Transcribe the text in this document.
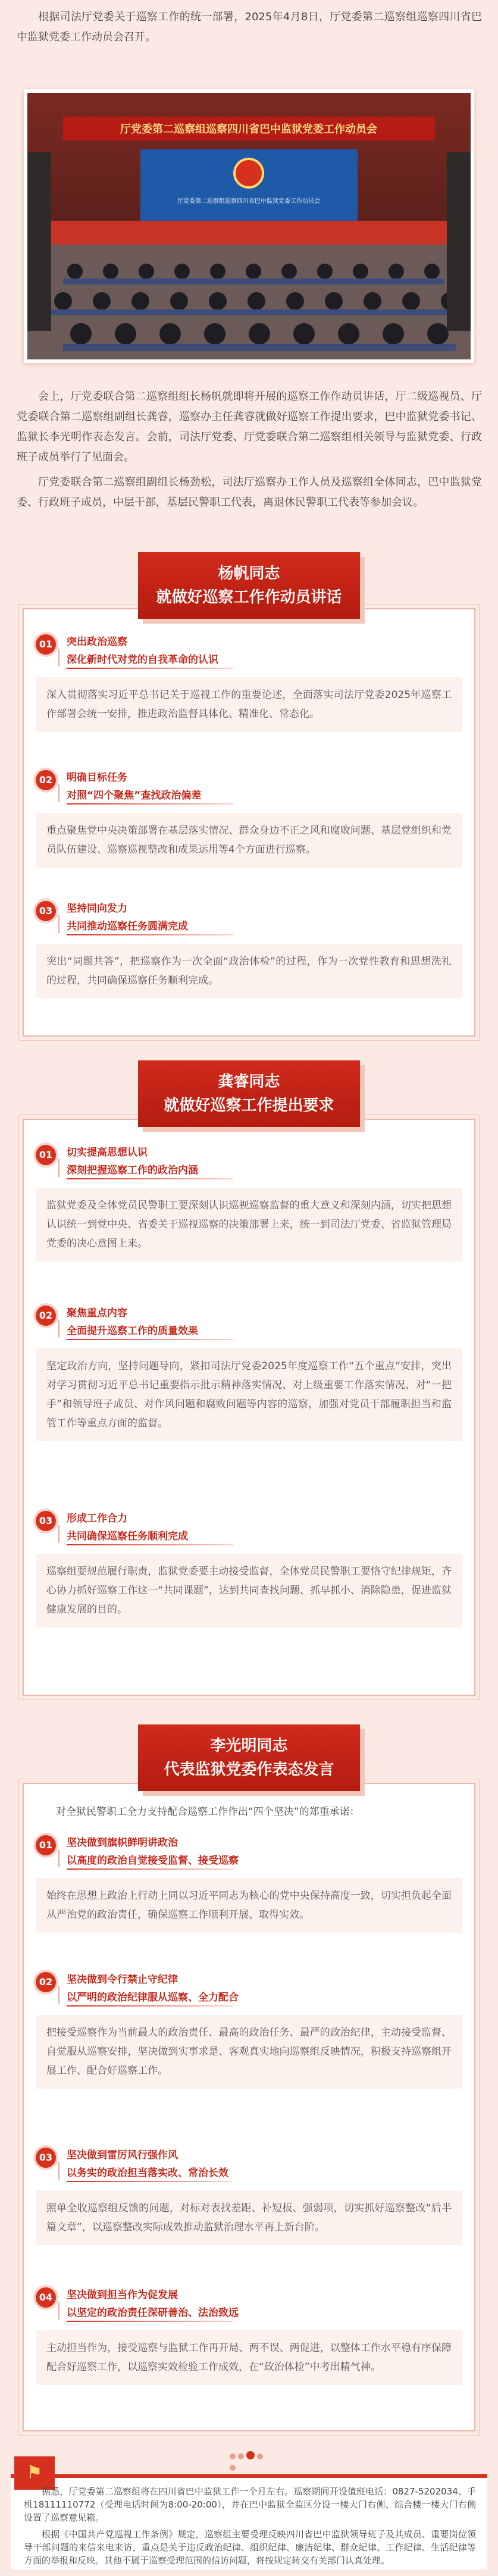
根据司法厅党委关于巡察工作的统一部署，2025年4月8日，厅党委第二巡察组巡察四川省巴中监狱党委工作动员会召开。

厅党委第二巡察组巡察四川省巴中监狱党委工作动员会
厅党委第二巡察组巡察四川省巴中监狱党委工作动员会

会上，厅党委联合第二巡察组组长杨帆就即将开展的巡察工作作动员讲话，厅二级巡视员、厅党委联合第二巡察组副组长龚睿，巡察办主任龚睿就做好巡察工作提出要求，巴中监狱党委书记、监狱长李光明作表态发言。会前，司法厅党委、厅党委联合第二巡察组相关领导与监狱党委、行政班子成员举行了见面会。

厅党委联合第二巡察组副组长杨劲松，司法厅巡察办工作人员及巡察组全体同志，巴中监狱党委、行政班子成员，中层干部，基层民警职工代表，离退休民警职工代表等参加会议。

杨帆同志
就做好巡察工作作动员讲话
01	突出政治巡察
深化新时代对党的自我革命的认识
深入贯彻落实习近平总书记关于巡视工作的重要论述，全面落实司法厅党委2025年巡察工作部署会统一安排，推进政治监督具体化、精准化、常态化。
02	明确目标任务
对照“四个聚焦”查找政治偏差
重点聚焦党中央决策部署在基层落实情况、群众身边不正之风和腐败问题、基层党组织和党员队伍建设、巡察巡视整改和成果运用等4个方面进行巡察。
03	坚持同向发力
共同推动巡察任务圆满完成
突出“同题共答”，把巡察作为一次全面“政治体检”的过程，作为一次党性教育和思想洗礼的过程，共同确保巡察任务顺利完成。
龚睿同志
就做好巡察工作提出要求
01	切实提高思想认识
深刻把握巡察工作的政治内涵
监狱党委及全体党员民警职工要深刻认识巡视巡察监督的重大意义和深刻内涵，切实把思想认识统一到党中央、省委关于巡视巡察的决策部署上来，统一到司法厅党委、省监狱管理局党委的决心意图上来。
02	聚焦重点内容
全面提升巡察工作的质量效果
坚定政治方向，坚持问题导向，紧扣司法厅党委2025年度巡察工作“五个重点”安排，突出对学习贯彻习近平总书记重要指示批示精神落实情况、对上级重要工作落实情况、对“一把手”和领导班子成员、对作风问题和腐败问题等内容的巡察，加强对党员干部履职担当和监管工作等重点方面的监督。
03	形成工作合力
共同确保巡察任务顺利完成
巡察组要规范履行职责，监狱党委要主动接受监督，全体党员民警职工要恪守纪律规矩，齐心协力抓好巡察工作这一“共同课题”，达到共同查找问题、抓早抓小、消除隐患，促进监狱健康发展的目的。
李光明同志
代表监狱党委作表态发言

对全狱民警职工全力支持配合巡察工作作出“四个坚决”的郑重承诺：

01	坚决做到旗帜鲜明讲政治
以高度的政治自觉接受监督、接受巡察
始终在思想上政治上行动上同以习近平同志为核心的党中央保持高度一致，切实担负起全面从严治党的政治责任，确保巡察工作顺利开展、取得实效。
02	坚决做到令行禁止守纪律
以严明的政治纪律服从巡察、全力配合
把接受巡察作为当前最大的政治责任、最高的政治任务、最严的政治纪律，主动接受监督、自觉服从巡察安排，坚决做到实事求是、客观真实地向巡察组反映情况，积极支持巡察组开展工作、配合好巡察工作。
03	坚决做到雷厉风行强作风
以务实的政治担当落实改、常治长效
照单全收巡察组反馈的问题，对标对表找差距、补短板、强弱项，切实抓好巡察整改“后半篇文章”，以巡察整改实际成效推动监狱治理水平再上新台阶。
04	坚决做到担当作为促发展
以坚定的政治责任深研善治、法治致远
主动担当作为，接受巡察与监狱工作再开局、两不误、两促进，以整体工作水平稳有序保障配合好巡察工作，以巡察实效检验工作成效，在“政治体检”中考出精气神。
⚑

据悉，厅党委第二巡察组将在四川省巴中监狱工作一个月左右。巡察期间开设值班电话：0827-5202034、手机18111110772（受理电话时间为8:00-20:00），并在巴中监狱全监区分设一楼大门右侧、综合楼一楼大门右侧设置了巡察意见箱。

根据《中国共产党巡视工作条例》规定，巡察组主要受理反映四川省巴中监狱领导班子及其成员、重要岗位领导干部问题的来信来电来访，重点是关于违反政治纪律、组织纪律、廉洁纪律、群众纪律、工作纪律、生活纪律等方面的举报和反映。其他不属于巡察受理范围的信访问题，将按规定转交有关部门认真处理。
